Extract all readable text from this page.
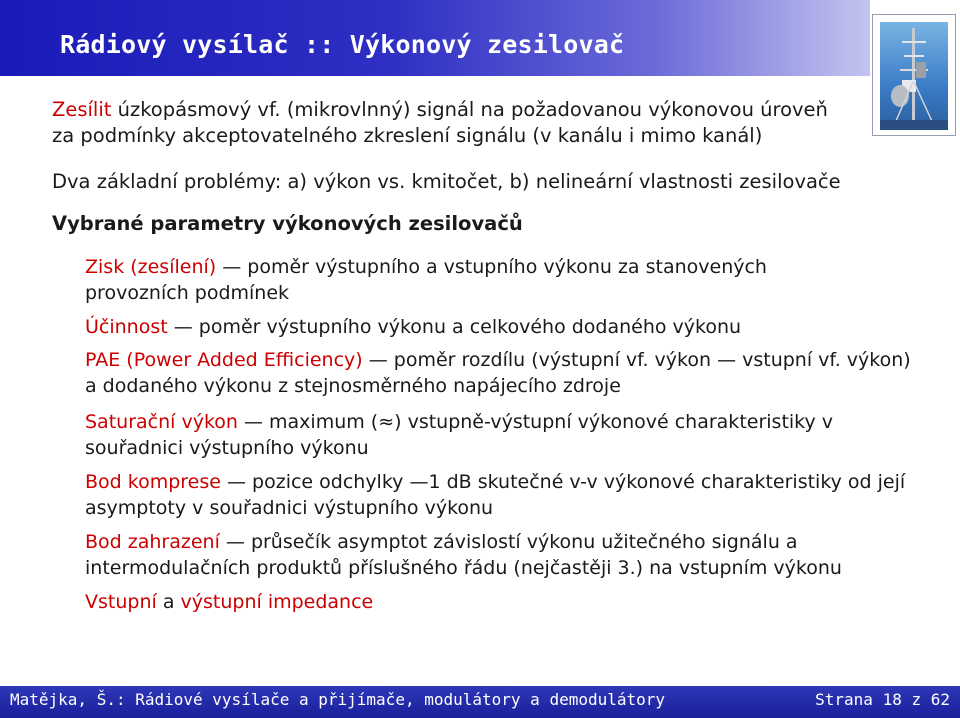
Rádiový vysílač :: Výkonový zesilovač
Zesílit úzkopásmový vf. (mikrovlnný) signál na požadovanou výkonovou úroveň
za podmínky akceptovatelného zkreslení signálu (v kanálu i mimo kanál)
Dva základní problémy: a) výkon vs. kmitočet, b) nelineární vlastnosti zesilovače
Vybrané parametry výkonových zesilovačů
Zisk (zesílení) — poměr výstupního a vstupního výkonu za stanovených
provozních podmínek
Účinnost — poměr výstupního výkonu a celkového dodaného výkonu
PAE (Power Added Efficiency) — poměr rozdílu (výstupní vf. výkon — vstupní vf. výkon)
a dodaného výkonu z stejnosměrného napájecího zdroje
Saturační výkon — maximum (≈) vstupně-výstupní výkonové charakteristiky v
souřadnici výstupního výkonu
Bod komprese — pozice odchylky —1 dB skutečné v-v výkonové charakteristiky od její
asymptoty v souřadnici výstupního výkonu
Bod zahrazení — průsečík asymptot závislostí výkonu užitečného signálu a
intermodulačních produktů příslušného řádu (nejčastěji 3.) na vstupním výkonu
Vstupní a výstupní impedance

Matějka, Š.: Rádiové vysílače a přijímače, modulátory a demodulátory	Strana 18 z 62
